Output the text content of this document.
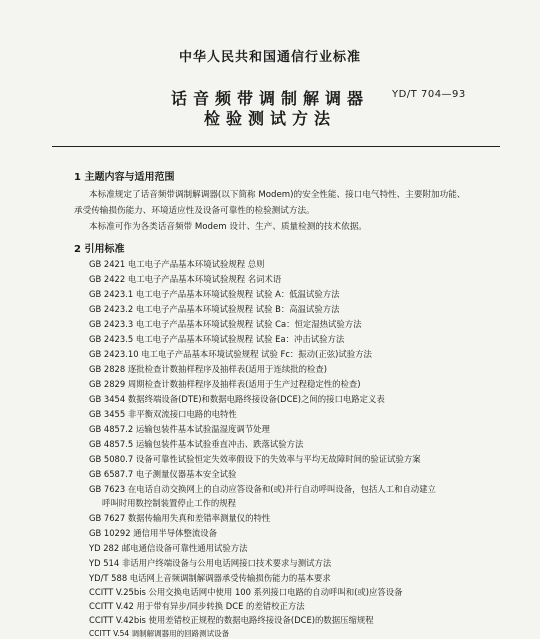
中华人民共和国通信行业标准
话音频带调制解调器	YD/T 704—93
检验测试方法
1 主题内容与适用范围
本标准规定了话音频带调制解调器(以下简称 Modem)的安全性能、接口电气特性、主要附加功能、
承受传输损伤能力、环境适应性及设备可靠性的检验测试方法。
本标准可作为各类话音频带 Modem 设计、生产、质量检测的技术依据。
2 引用标准
GB 2421 电工电子产品基本环境试验规程 总则
GB 2422 电工电子产品基本环境试验规程 名词术语
GB 2423.1 电工电子产品基本环境试验规程 试验 A：低温试验方法
GB 2423.2 电工电子产品基本环境试验规程 试验 B：高温试验方法
GB 2423.3 电工电子产品基本环境试验规程 试验 Ca：恒定湿热试验方法
GB 2423.5 电工电子产品基本环境试验规程 试验 Ea：冲击试验方法
GB 2423.10 电工电子产品基本环境试验规程 试验 Fc：振动(正弦)试验方法
GB 2828 逐批检查计数抽样程序及抽样表(适用于连续批的检查)
GB 2829 周期检查计数抽样程序及抽样表(适用于生产过程稳定性的检查)
GB 3454 数据终端设备(DTE)和数据电路终接设备(DCE)之间的接口电路定义表
GB 3455 非平衡双流接口电路的电特性
GB 4857.2 运输包装件基本试验温湿度调节处理
GB 4857.5 运输包装件基本试验垂直冲击、跌落试验方法
GB 5080.7 设备可靠性试验恒定失效率假设下的失效率与平均无故障时间的验证试验方案
GB 6587.7 电子测量仪器基本安全试验
GB 7623 在电话自动交换网上的自动应答设备和(或)并行自动呼叫设备，包括人工和自动建立
呼叫时用数控制装置停止工作的规程
GB 7627 数据传输用失真和差错率测量仪的特性
GB 10292 通信用半导体整流设备
YD 282 邮电通信设备可靠性通用试验方法
YD 514 非话用户终端设备与公用电话网接口技术要求与测试方法
YD/T 588 电话网上音频调制解调器承受传输损伤能力的基本要求
CCITT V.25bis 公用交换电话网中使用 100 系列接口电路的自动呼叫和(或)应答设备
CCITT V.42 用于带有异步/同步转换 DCE 的差错校正方法
CCITT V.42bis 使用差错校正规程的数据电路终接设备(DCE)的数据压缩规程
CCITT V.54 调制解调器用的回路测试设备
